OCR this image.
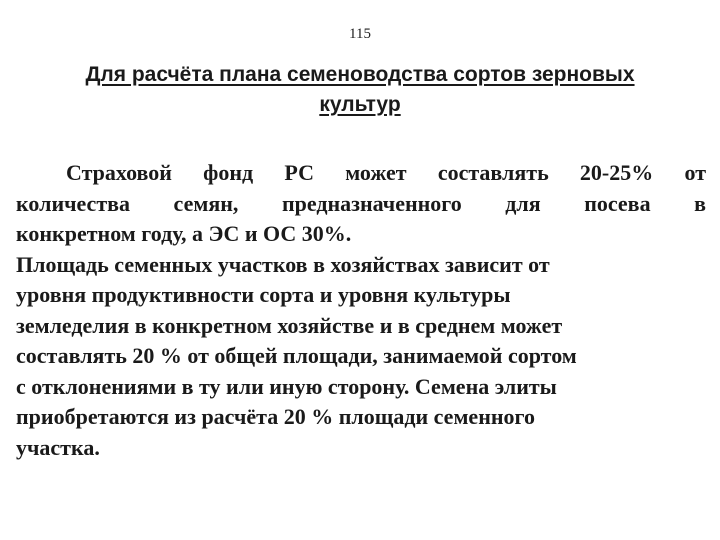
115
Для расчёта плана семеноводства сортов зерновых
культур
Страховой фонд РС может составлять 20-25% от
количества семян, предназначенного для посева в
конкретном году, а ЭС и ОС 30%.
Площадь семенных участков в хозяйствах зависит от
уровня продуктивности сорта и уровня культуры
земледелия в конкретном хозяйстве и в среднем может
составлять 20 % от общей площади, занимаемой сортом
с отклонениями в ту или иную сторону. Семена элиты
приобретаются из расчёта 20 % площади семенного
участка.
